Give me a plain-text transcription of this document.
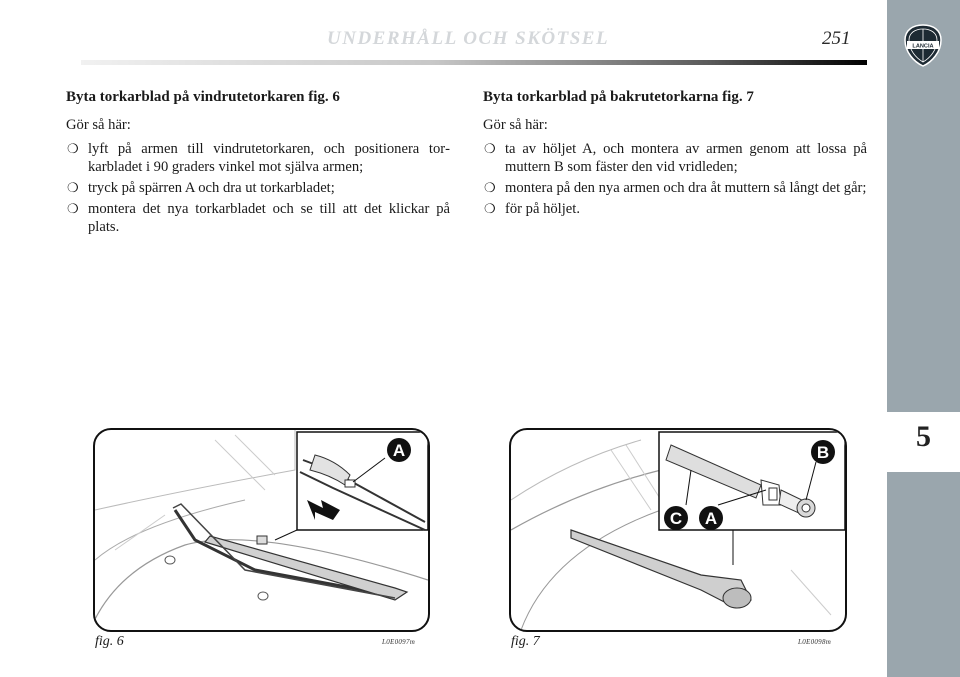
UNDERHÅLL OCH SKÖTSEL	251
5
LANCIA
Byta torkarblad på vindrutetorkaren fig. 6

Gör så här:

❍ lyft på armen till vindrutetorkaren, och positionera torkarbladet i 90 graders vinkel mot själva armen;
❍ tryck på spärren A och dra ut torkarbladet;
❍ montera det nya torkarbladet och se till att det klickar på plats.
Byta torkarblad på bakrutetorkarna fig. 7

Gör så här:

❍ ta av höljet A, och montera av armen genom att lossa på muttern B som fäster den vid vridleden;
❍ montera på den nya armen och dra åt muttern så långt det går;
❍ för på höljet.
A
fig. 6	L0E0097m
B
C A
fig. 7	L0E0098m
